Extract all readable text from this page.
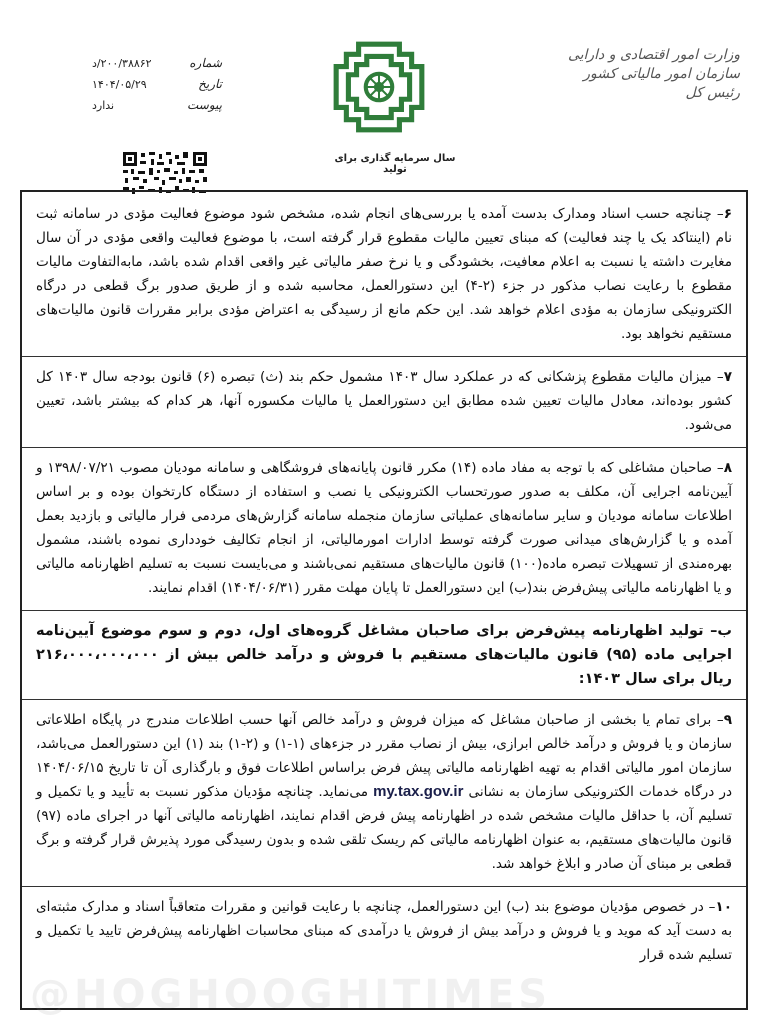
وزارت امور اقتصادی و دارایی
سازمان امور مالیاتی کشور
رئیس کل
سال سرمایه گذاری برای تولید
شماره
۲۰۰/۳۸۸۶۲/د
تاریخ
۱۴۰۴/۰۵/۲۹
پیوست
ندارد

۶– چنانچه حسب اسناد ومدارک بدست آمده یا بررسی‌های انجام شده، مشخص شود موضوع فعالیت مؤدی در سامانه ثبت نام (اینتاکد یک یا چند فعالیت) که مبنای تعیین مالیات مقطوع قرار گرفته است، با موضوع فعالیت واقعی مؤدی در آن سال مغایرت داشته یا نسبت به اعلام معافیت، بخشودگی و یا نرخ صفر مالیاتی غیر واقعی اقدام شده باشد، مابه‌التفاوت مالیات مقطوع با رعایت نصاب مذکور در جزء (۲-۴) این دستورالعمل، محاسبه شده و از طریق صدور برگ قطعی در درگاه الکترونیکی سازمان به مؤدی اعلام خواهد شد. این حکم مانع از رسیدگی به اعتراض مؤدی برابر مقررات قانون مالیات‌های مستقیم نخواهد بود.

۷– میزان مالیات مقطوع پزشکانی که در عملکرد سال ۱۴۰۳ مشمول حکم بند (ث) تبصره (۶) قانون بودجه سال ۱۴۰۳ کل کشور بوده‌اند، معادل مالیات تعیین شده مطابق این دستورالعمل یا مالیات مکسوره آنها، هر کدام که بیشتر باشد، تعیین می‌شود.

۸– صاحبان مشاغلی که با توجه به مفاد ماده (۱۴) مکرر قانون پایانه‌های فروشگاهی و سامانه مودیان مصوب ۱۳۹۸/۰۷/۲۱ و آیین‌نامه اجرایی آن، مکلف به صدور صورتحساب الکترونیکی یا نصب و استفاده از دستگاه کارتخوان بوده و بر اساس اطلاعات سامانه مودیان و سایر سامانه‌های عملیاتی سازمان منجمله سامانه گزارش‌های مردمی فرار مالیاتی و بازدید بعمل آمده و یا گزارش‌های میدانی صورت گرفته توسط ادارات امورمالیاتی، از انجام تکالیف خودداری نموده باشند، مشمول بهره‌مندی از تسهیلات تبصره ماده(۱۰۰) قانون مالیات‌های مستقیم نمی‌باشند و می‌بایست نسبت به تسلیم اظهارنامه مالیاتی و یا اظهارنامه مالیاتی پیش‌فرض بند(ب) این دستورالعمل تا پایان مهلت مقرر (۱۴۰۴/۰۶/۳۱) اقدام نمایند.

ب– تولید اظهارنامه پیش‌فرض برای صاحبان مشاغل گروه‌های اول، دوم و سوم موضوع آیین‌نامه اجرایی ماده (۹۵) قانون مالیات‌های مستقیم با فروش و درآمد خالص بیش از ۲۱۶،۰۰۰،۰۰۰،۰۰۰ ریال برای سال ۱۴۰۳:

۹– برای تمام یا بخشی از صاحبان مشاغل که میزان فروش و درآمد خالص آنها حسب اطلاعات مندرج در پایگاه اطلاعاتی سازمان و یا فروش و درآمد خالص ابرازی، بیش از نصاب مقرر در جزءهای (۱-۱) و (۲-۱) بند (۱) این دستورالعمل می‌باشد، سازمان امور مالیاتی اقدام به تهیه اظهارنامه مالیاتی پیش فرض براساس اطلاعات فوق و بارگذاری آن تا تاریخ ۱۴۰۴/۰۶/۱۵ در درگاه خدمات الکترونیکی سازمان به نشانی my.tax.gov.ir می‌نماید. چنانچه مؤدیان مذکور نسبت به تأیید و یا تکمیل و تسلیم آن، با حداقل مالیات مشخص شده در اظهارنامه پیش فرض اقدام نمایند، اظهارنامه مالیاتی آنها در اجرای ماده (۹۷) قانون مالیات‌های مستقیم، به عنوان اظهارنامه مالیاتی کم ریسک تلقی شده و بدون رسیدگی مورد پذیرش قرار گرفته و برگ قطعی بر مبنای آن صادر و ابلاغ خواهد شد.

۱۰– در خصوص مؤدیان موضوع بند (ب) این دستورالعمل، چنانچه با رعایت قوانین و مقررات متعاقباً اسناد و مدارک مثبته‌ای به دست آید که موید و یا فروش و درآمد بیش از فروش یا درآمدی که مبنای محاسبات اظهارنامه پیش‌فرض تایید یا تکمیل و تسلیم شده قرار

@HOGHOOGHITIMES
